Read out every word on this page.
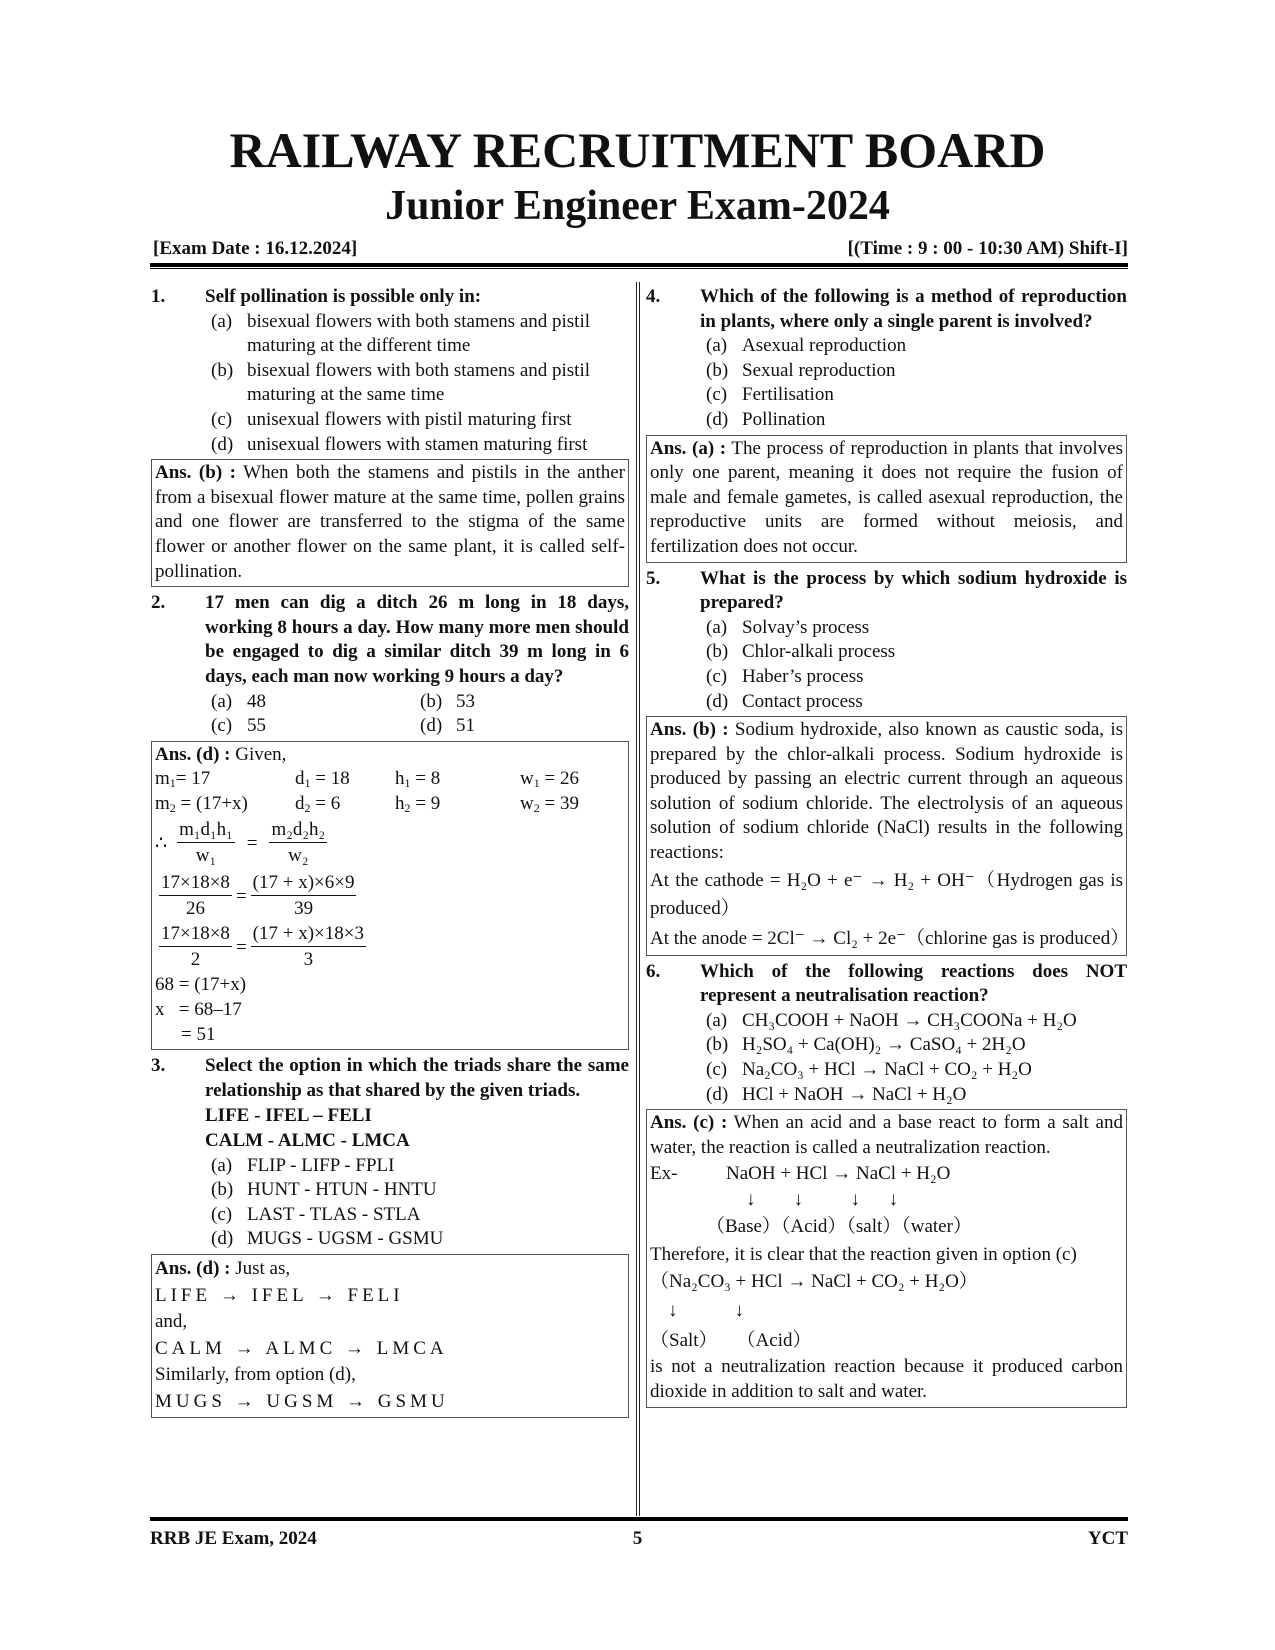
RAILWAY RECRUITMENT BOARD
Junior Engineer Exam-2024
[Exam Date : 16.12.2024]	[(Time : 9 : 00 - 10:30 AM) Shift-I]
1. Self pollination is possible only in:
(a) bisexual flowers with both stamens and pistil maturing at the different time
(b) bisexual flowers with both stamens and pistil maturing at the same time
(c) unisexual flowers with pistil maturing first
(d) unisexual flowers with stamen maturing first
Ans. (b) : When both the stamens and pistils in the anther from a bisexual flower mature at the same time, pollen grains and one flower are transferred to the stigma of the same flower or another flower on the same plant, it is called self-pollination.
2. 17 men can dig a ditch 26 m long in 18 days, working 8 hours a day. How many more men should be engaged to dig a similar ditch 39 m long in 6 days, each man now working 9 hours a day?
(a) 48	(b) 53
(c) 55	(d) 51
Ans. (d) : Given,
$m_1= 17$	$d_1 = 18$	$h_1 = 8$	$w_1 = 26$
$m_2 = (17+x)$	$d_2 = 6$	$h_2 = 9$	$w_2 = 39$
∴ $\frac{\text{m₁d₁h₁}}{\text{w₁}} = \frac{\text{m₂d₂h₂}}{\text{w₂}}$
$\frac{17\times 18\times 8}{26} = \frac{(17 + x)\times 6\times 9}{39}$
$\frac{17\times 18\times 8}{2} = \frac{(17 + x)\times 18\times 3}{3}$
68 = (17+x)
x   = 68–17
= 51
3. Select the option in which the triads share the same relationship as that shared by the given triads.
LIFE - IFEL – FELI
CALM - ALMC - LMCA
(a) FLIP - LIFP - FPLI
(b) HUNT - HTUN - HNTU
(c) LAST - TLAS - STLA
(d) MUGS - UGSM - GSMU
Ans. (d) : Just as,
LIFE → IFEL → FELI
and,
CALM → ALMC → LMCA
Similarly, from option (d),
MUGS → UGSM → GSMU
4. Which of the following is a method of reproduction in plants, where only a single parent is involved?
(a) Asexual reproduction
(b) Sexual reproduction
(c) Fertilisation
(d) Pollination
Ans. (a) : The process of reproduction in plants that involves only one parent, meaning it does not require the fusion of male and female gametes, is called asexual reproduction, the reproductive units are formed without meiosis, and fertilization does not occur.
5. What is the process by which sodium hydroxide is prepared?
(a) Solvay’s process
(b) Chlor-alkali process
(c) Haber’s process
(d) Contact process
Ans. (b) : Sodium hydroxide, also known as caustic soda, is prepared by the chlor-alkali process. Sodium hydroxide is produced by passing an electric current through an aqueous solution of sodium chloride. The electrolysis of an aqueous solution of sodium chloride (NaCl) results in the following reactions:
At the cathode = H₂O + e⁻ → H₂ + OH⁻（Hydrogen gas is produced）
At the anode = 2Cl⁻ → Cl₂ + 2e⁻（chlorine gas is produced）
6. Which of the following reactions does NOT represent a neutralisation reaction?
(a) CH₃COOH + NaOH → CH₃COONa + H₂O
(b) H₂SO₄ + Ca(OH)₂ → CaSO₄ + 2H₂O
(c) Na₂CO₃ + HCl → NaCl + CO₂ + H₂O
(d) HCl + NaOH → NaCl + H₂O
Ans. (c) : When an acid and a base react to form a salt and water, the reaction is called a neutralization reaction.
Ex-	NaOH + HCl → NaCl + H₂O
↓        ↓          ↓      ↓
（Base）（Acid）（salt）（water）
Therefore, it is clear that the reaction given in option (c)
（Na₂CO₃ + HCl → NaCl + CO₂ + H₂O）
↓            ↓
（Salt）    （Acid）
is not a neutralization reaction because it produced carbon dioxide in addition to salt and water.
RRB JE Exam, 2024	5	YCT
